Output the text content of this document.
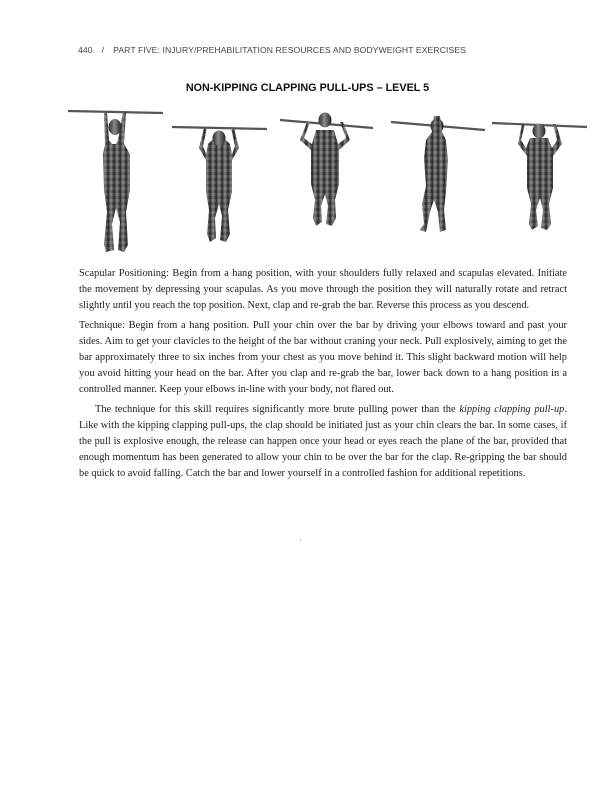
440 / PART FIVE: INJURY/PREHABILITATION RESOURCES AND BODYWEIGHT EXERCISES
NON-KIPPING CLAPPING PULL-UPS – LEVEL 5

Scapular Positioning: Begin from a hang position, with your shoulders fully relaxed and scapulas elevated. Initiate the movement by depressing your scapulas. As you move through the position they will naturally rotate and retract slightly until you reach the top position. Next, clap and re-grab the bar. Reverse this process as you descend.

Technique: Begin from a hang position. Pull your chin over the bar by driving your elbows toward and past your sides. Aim to get your clavicles to the height of the bar without craning your neck. Pull explosively, aiming to get the bar approximately three to six inches from your chest as you move behind it. This slight backward motion will help you avoid hitting your head on the bar. After you clap and re-grab the bar, lower back down to a hang position in a controlled manner. Keep your elbows in-line with your body, not flared out.

The technique for this skill requires significantly more brute pulling power than the kipping clapping pull-up. Like with the kipping clapping pull-ups, the clap should be initiated just as your chin clears the bar. In some cases, if the pull is explosive enough, the release can happen once your head or eyes reach the plane of the bar, provided that enough momentum has been generated to allow your chin to be over the bar for the clap. Re-gripping the bar should be quick to avoid falling. Catch the bar and lower yourself in a controlled fashion for additional repetitions.
